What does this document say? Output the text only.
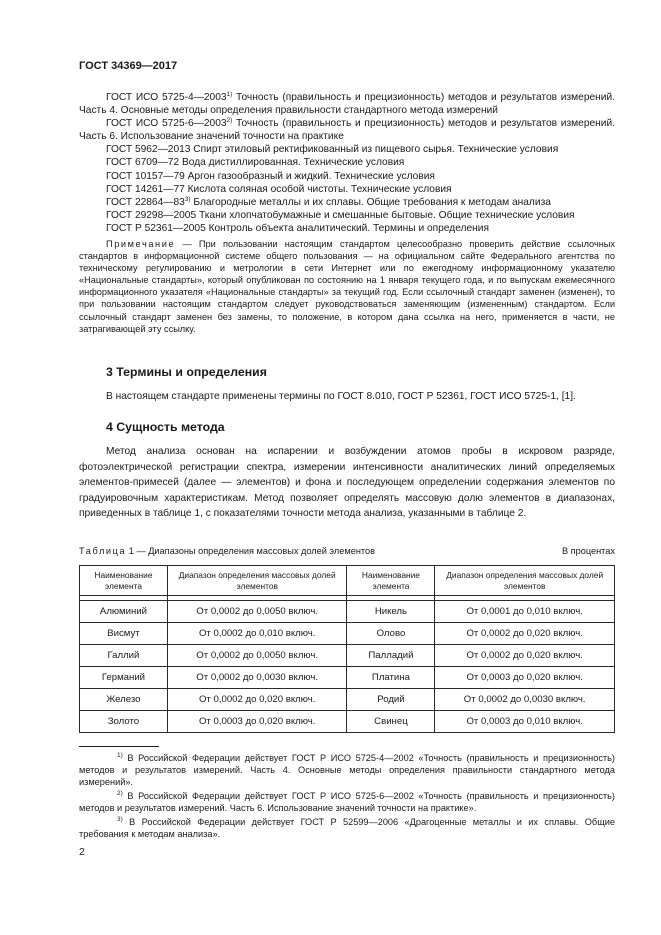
ГОСТ 34369—2017

ГОСТ ИСО 5725-4—2003$^{1)}$ Точность (правильность и прецизионность) методов и результатов измерений. Часть 4. Основные методы определения правильности стандартного метода измерений

ГОСТ ИСО 5725-6—2003$^{2)}$ Точность (правильность и прецизионность) методов и результатов измерений. Часть 6. Использование значений точности на практике

ГОСТ 5962—2013 Спирт этиловый ректификованный из пищевого сырья. Технические условия

ГОСТ 6709—72 Вода дистиллированная. Технические условия

ГОСТ 10157—79 Аргон газообразный и жидкий. Технические условия

ГОСТ 14261—77 Кислота соляная особой чистоты. Технические условия

ГОСТ 22864—83$^{3)}$ Благородные металлы и их сплавы. Общие требования к методам анализа

ГОСТ 29298—2005 Ткани хлопчатобумажные и смешанные бытовые. Общие технические условия

ГОСТ Р 52361—2005 Контроль объекта аналитический. Термины и определения

Примечание — При пользовании настоящим стандартом целесообразно проверить действие ссылочных стандартов в информационной системе общего пользования — на официальном сайте Федерального агентства по техническому регулированию и метрологии в сети Интернет или по ежегодному информационному указателю «Национальные стандарты», который опубликован по состоянию на 1 января текущего года, и по выпускам ежемесячного информационного указателя «Национальные стандарты» за текущий год. Если ссылочный стандарт заменен (изменен), то при пользовании настоящим стандартом следует руководствоваться заменяющим (измененным) стандартом. Если ссылочный стандарт заменен без замены, то положение, в котором дана ссылка на него, применяется в части, не затрагивающей эту ссылку.
3 Термины и определения
В настоящем стандарте применены термины по ГОСТ 8.010, ГОСТ Р 52361, ГОСТ ИСО 5725-1, [1].
4 Сущность метода
Метод анализа основан на испарении и возбуждении атомов пробы в искровом разряде, фотоэлектрической регистрации спектра, измерении интенсивности аналитических линий определяемых элементов-примесей (далее — элементов) и фона и последующем определении содержания элементов по градуировочным характеристикам. Метод позволяет определять массовую долю элементов в диапазонах, приведенных в таблице 1, с показателями точности метода анализа, указанными в таблице 2.
Таблица 1 — Диапазоны определения массовых долей элементов	В процентах
Наименование элемента	Диапазон определения массовых долей элементов	Наименование элемента	Диапазон определения массовых долей элементов

Алюминий	От 0,0002 до 0,0050 включ.	Никель	От 0,0001 до 0,010 включ.
Висмут	От 0,0002 до 0,010 включ.	Олово	От 0,0002 до 0,020 включ.
Галлий	От 0,0002 до 0,0050 включ.	Палладий	От 0,0002 до 0,020 включ.
Германий	От 0,0002 до 0,0030 включ.	Платина	От 0,0003 до 0,020 включ.
Железо	От 0,0002 до 0,020 включ.	Родий	От 0,0002 до 0,0030 включ.
Золото	От 0,0003 до 0,020 включ.	Свинец	От 0,0003 до 0,010 включ.
$^{1)}$ В Российской Федерации действует ГОСТ Р ИСО 5725-4—2002 «Точность (правильность и прецизионность) методов и результатов измерений. Часть 4. Основные методы определения правильности стандартного метода измерений».
$^{2)}$ В Российской Федерации действует ГОСТ Р ИСО 5725-6—2002 «Точность (правильность и прецизионность) методов и результатов измерений. Часть 6. Использование значений точности на практике».
$^{3)}$ В Российской Федерации действует ГОСТ Р 52599—2006 «Драгоценные металлы и их сплавы. Общие требования к методам анализа».
2
